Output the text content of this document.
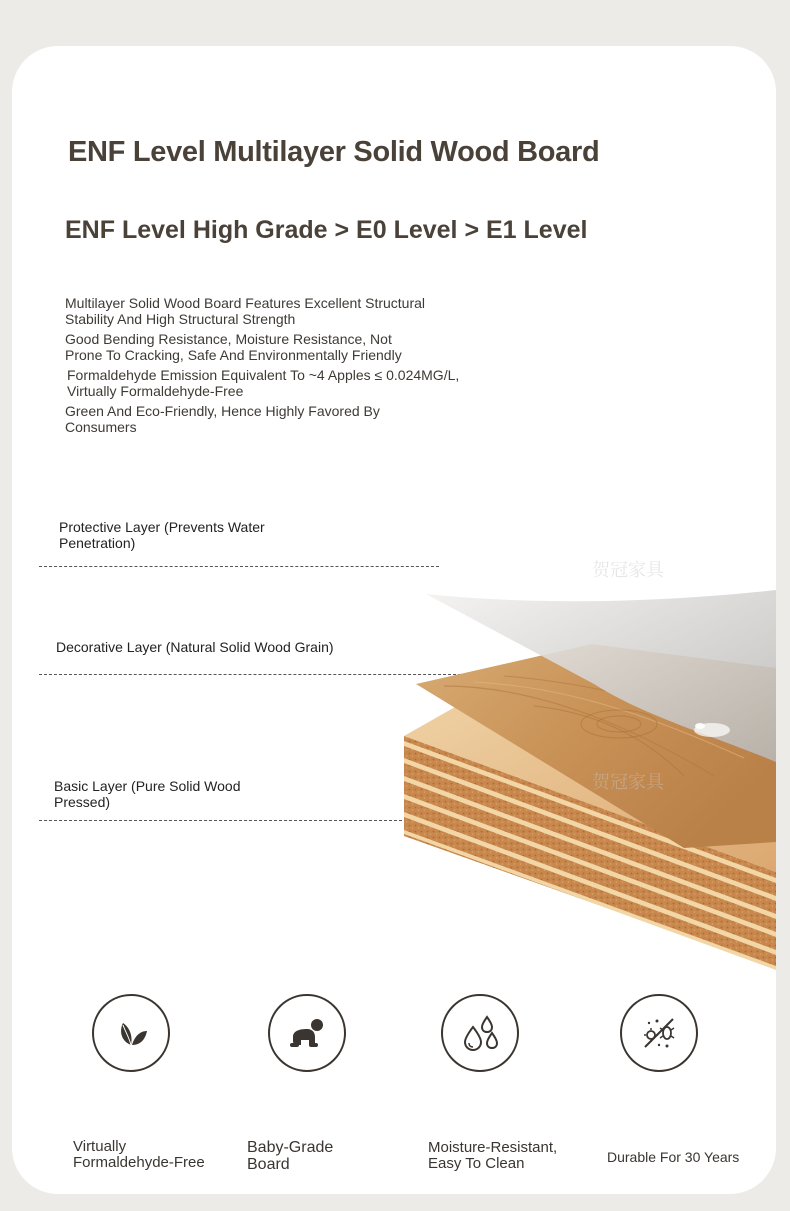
ENF Level Multilayer Solid Wood Board
ENF Level High Grade > E0 Level > E1 Level
Multilayer Solid Wood Board Features Excellent Structural Stability And High Structural Strength
Good Bending Resistance, Moisture Resistance, Not Prone To Cracking, Safe And Environmentally Friendly
Formaldehyde Emission Equivalent To ~4 Apples ≤ 0.024MG/L, Virtually Formaldehyde-Free
Green And Eco-Friendly, Hence Highly Favored By Consumers
Protective Layer (Prevents Water Penetration)
Decorative Layer (Natural Solid Wood Grain)
Basic Layer (Pure Solid Wood Pressed)
贺冠家具
贺冠家具
Virtually Formaldehyde-Free
Baby-Grade Board
Moisture-Resistant, Easy To Clean	Durable For 30 Years
